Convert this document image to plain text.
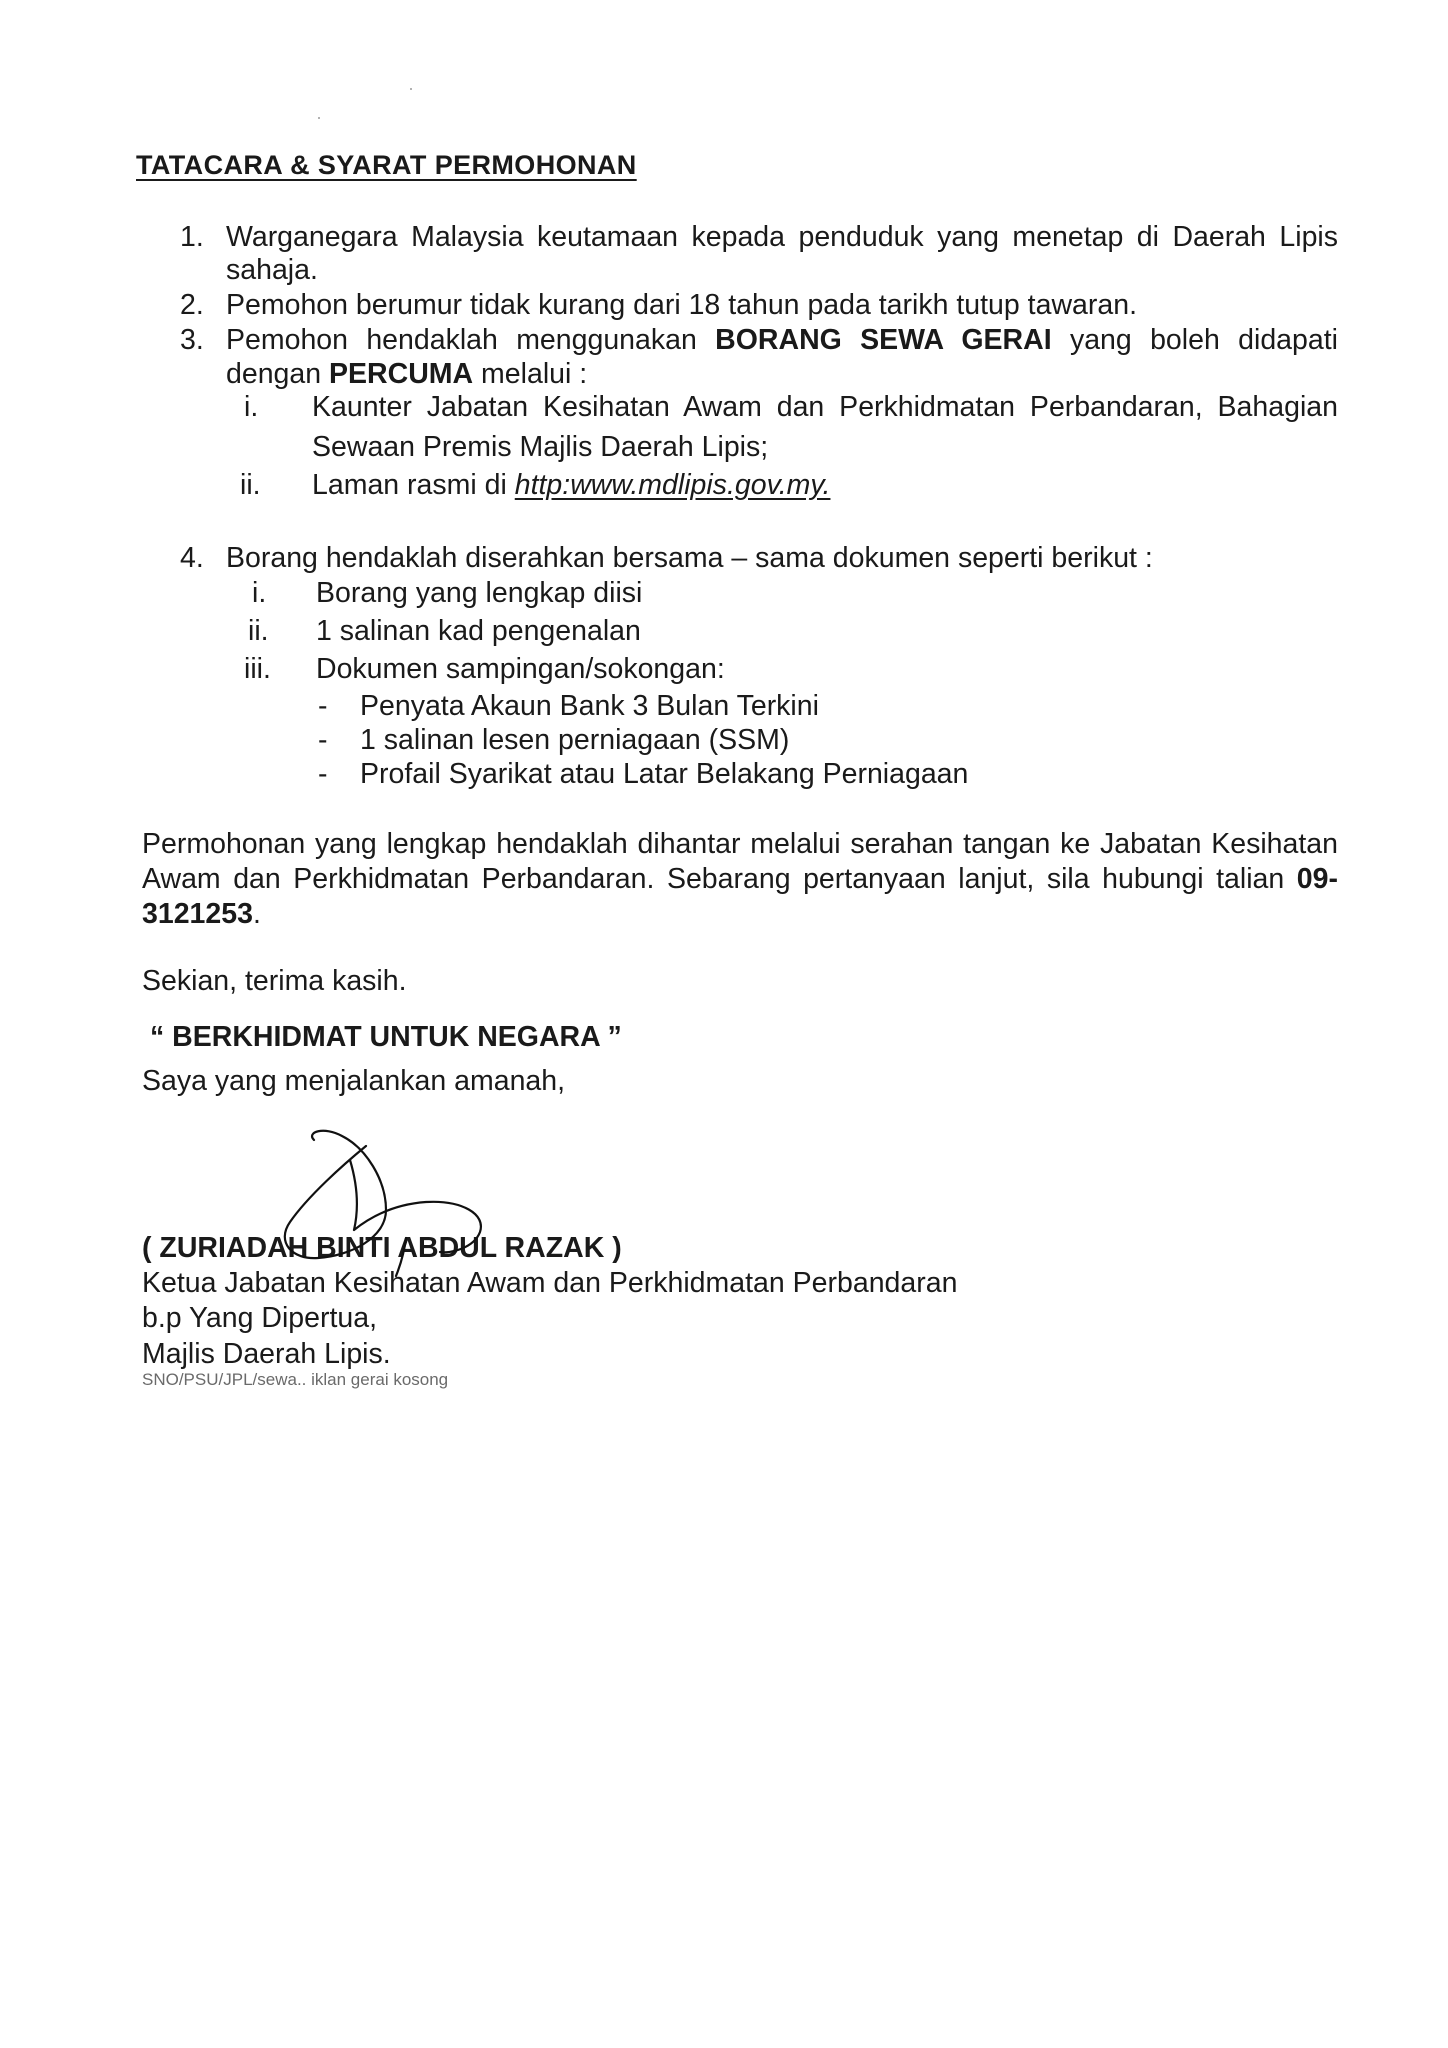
TATACARA & SYARAT PERMOHONAN
1. Warganegara Malaysia keutamaan kepada penduduk yang menetap di Daerah Lipis
sahaja.
2. Pemohon berumur tidak kurang dari 18 tahun pada tarikh tutup tawaran.
3. Pemohon hendaklah menggunakan BORANG SEWA GERAI yang boleh didapati
dengan PERCUMA melalui :
i. Kaunter Jabatan Kesihatan Awam dan Perkhidmatan Perbandaran, Bahagian
Sewaan Premis Majlis Daerah Lipis;
ii. Laman rasmi di http:www.mdlipis.gov.my.
4. Borang hendaklah diserahkan bersama – sama dokumen seperti berikut :
i. Borang yang lengkap diisi
ii. 1 salinan kad pengenalan
iii. Dokumen sampingan/sokongan:
- Penyata Akaun Bank 3 Bulan Terkini
- 1 salinan lesen perniagaan (SSM)
- Profail Syarikat atau Latar Belakang Perniagaan
Permohonan yang lengkap hendaklah dihantar melalui serahan tangan ke Jabatan Kesihatan
Awam dan Perkhidmatan Perbandaran. Sebarang pertanyaan lanjut, sila hubungi talian 09-
3121253.
Sekian, terima kasih.
“ BERKHIDMAT UNTUK NEGARA ”
Saya yang menjalankan amanah,
( ZURIADAH BINTI ABDUL RAZAK )
Ketua Jabatan Kesihatan Awam dan Perkhidmatan Perbandaran
b.p Yang Dipertua,
Majlis Daerah Lipis.
SNO/PSU/JPL/sewa.. iklan gerai kosong
